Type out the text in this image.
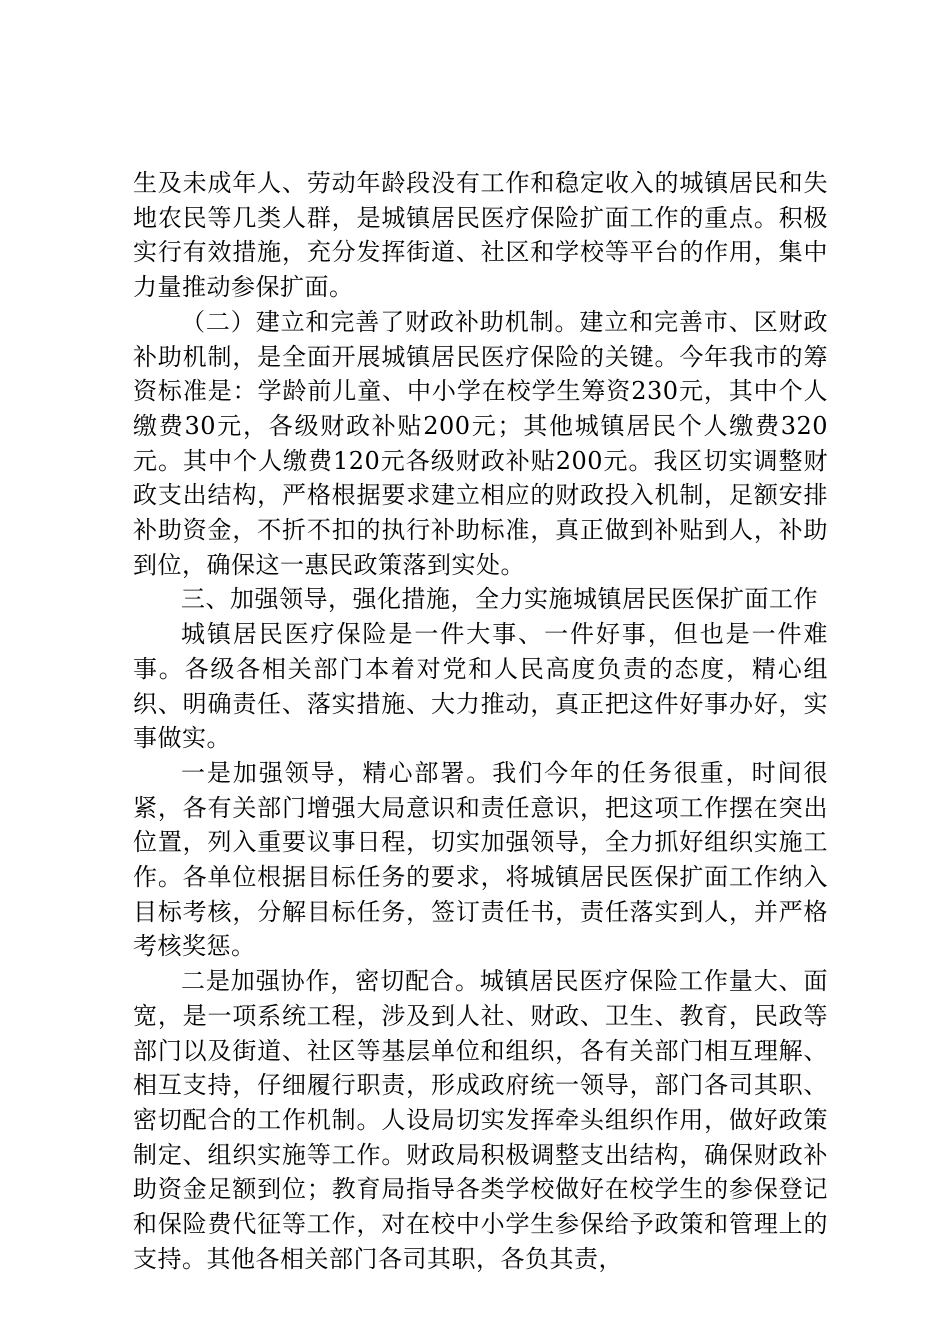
生及未成年人、劳动年龄段没有工作和稳定收入的城镇居民和失地农民等几类人群，是城镇居民医疗保险扩面工作的重点。积极实行有效措施，充分发挥街道、社区和学校等平台的作用，集中力量推动参保扩面。

（二）建立和完善了财政补助机制。建立和完善市、区财政补助机制，是全面开展城镇居民医疗保险的关键。今年我市的筹资标准是：学龄前儿童、中小学在校学生筹资230元，其中个人缴费30元，各级财政补贴200元；其他城镇居民个人缴费320元。其中个人缴费120元各级财政补贴200元。我区切实调整财政支出结构，严格根据要求建立相应的财政投入机制，足额安排补助资金，不折不扣的执行补助标准，真正做到补贴到人，补助到位，确保这一惠民政策落到实处。

三、加强领导，强化措施，全力实施城镇居民医保扩面工作

城镇居民医疗保险是一件大事、一件好事，但也是一件难事。各级各相关部门本着对党和人民高度负责的态度，精心组织、明确责任、落实措施、大力推动，真正把这件好事办好，实事做实。

一是加强领导，精心部署。我们今年的任务很重，时间很紧，各有关部门增强大局意识和责任意识，把这项工作摆在突出位置，列入重要议事日程，切实加强领导，全力抓好组织实施工作。各单位根据目标任务的要求，将城镇居民医保扩面工作纳入目标考核，分解目标任务，签订责任书，责任落实到人，并严格考核奖惩。

二是加强协作，密切配合。城镇居民医疗保险工作量大、面宽，是一项系统工程，涉及到人社、财政、卫生、教育，民政等部门以及街道、社区等基层单位和组织，各有关部门相互理解、相互支持，仔细履行职责，形成政府统一领导，部门各司其职、密切配合的工作机制。人设局切实发挥牵头组织作用，做好政策制定、组织实施等工作。财政局积极调整支出结构，确保财政补助资金足额到位；教育局指导各类学校做好在校学生的参保登记和保险费代征等工作，对在校中小学生参保给予政策和管理上的支持。其他各相关部门各司其职，各负其责，
